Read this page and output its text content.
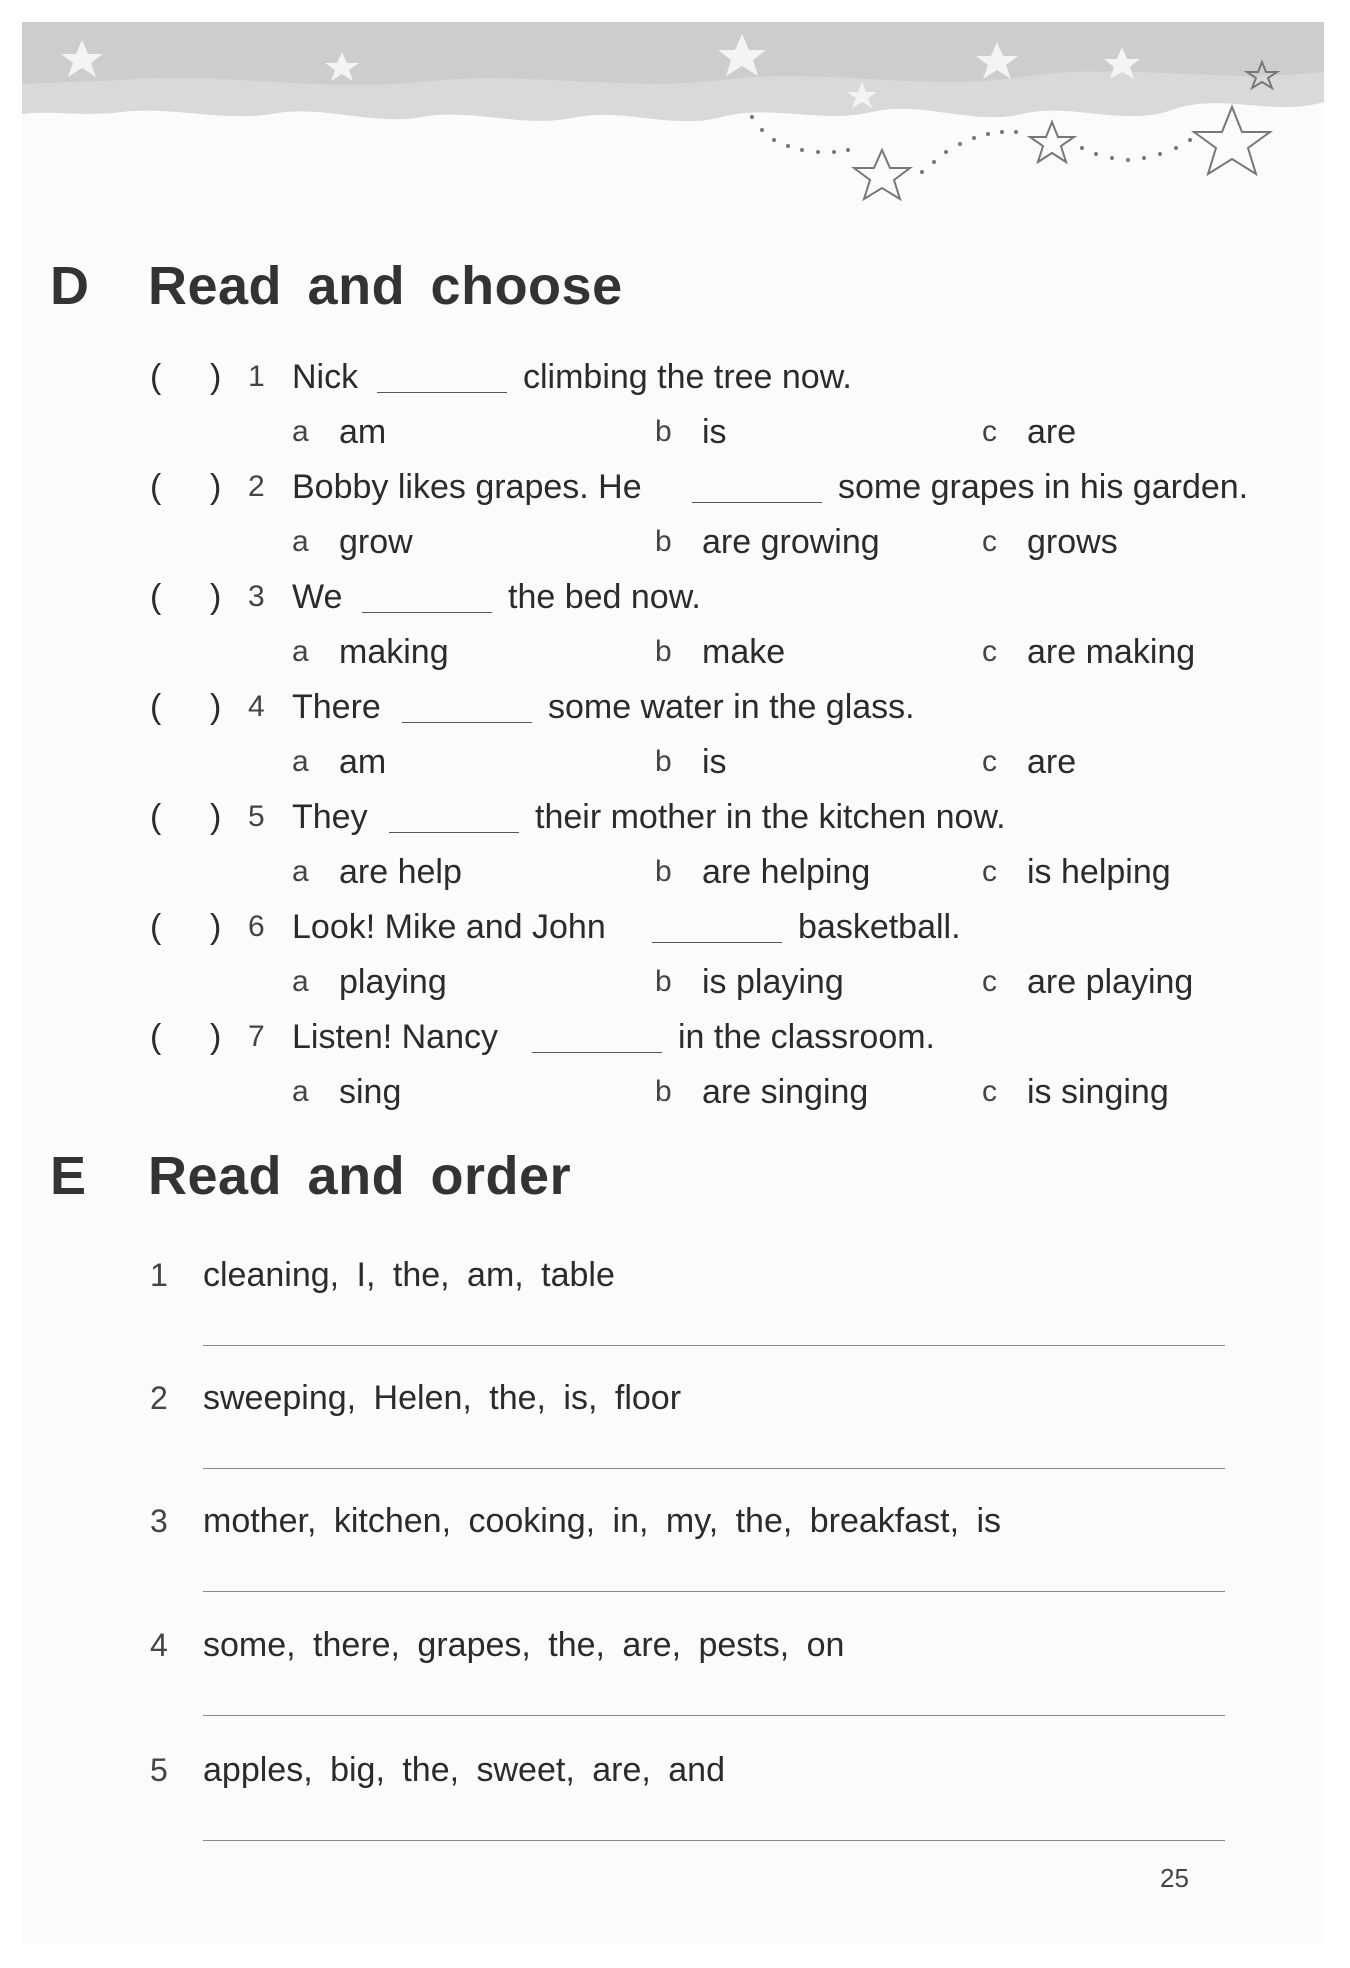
D	Read and choose
( ) 1 Nick	climbing the tree now.
a am	b is	c are
( ) 2 Bobby likes grapes. He	some grapes in his garden.
a grow	b are growing	c grows
( ) 3 We	the bed now.
a making	b make	c are making
( ) 4 There	some water in the glass.
a am	b is	c are
( ) 5 They	their mother in the kitchen now.
a are help	b are helping	c is helping
( ) 6 Look! Mike and John	basketball.
a playing	b is playing	c are playing
( ) 7 Listen! Nancy	in the classroom.
a sing	b are singing	c is singing
E	Read and order
1 cleaning, I, the, am, table
2 sweeping, Helen, the, is, floor
3 mother, kitchen, cooking, in, my, the, breakfast, is
4 some, there, grapes, the, are, pests, on
5 apples, big, the, sweet, are, and
25
